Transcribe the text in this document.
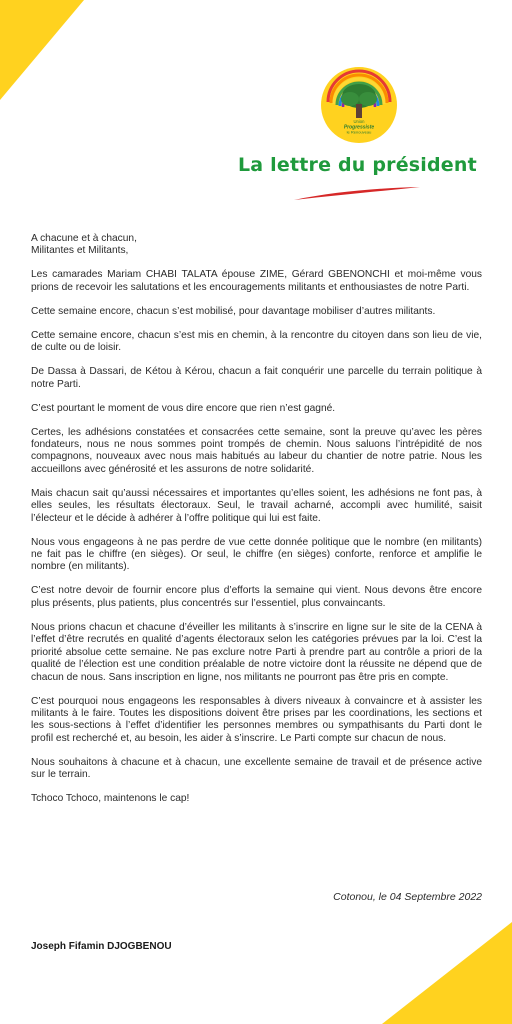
Union
Progressiste
le Renouveau
La lettre du président
A chacune et à chacun,
Militantes et Militants,

Les camarades Mariam CHABI TALATA épouse ZIME, Gérard GBENONCHI et moi-même vous prions de recevoir les salutations et les encouragements militants et enthousiastes de notre Parti.

Cette semaine encore, chacun s’est mobilisé, pour davantage mobiliser d’autres militants.

Cette semaine encore, chacun s’est mis en chemin, à la rencontre du citoyen dans son lieu de vie, de culte ou de loisir.

De Dassa à Dassari, de Kétou à Kérou, chacun a fait conquérir une parcelle du terrain politique à notre Parti.

C’est pourtant le moment de vous dire encore que rien n’est gagné.

Certes, les adhésions constatées et consacrées cette semaine, sont la preuve qu’avec les pères fondateurs, nous ne nous sommes point trompés de chemin. Nous saluons l’intrépidité de nos compagnons, nouveaux avec nous mais habitués au labeur du chantier de notre patrie. Nous les accueillons avec générosité et les assurons de notre solidarité.

Mais chacun sait qu’aussi nécessaires et importantes qu’elles soient, les adhésions ne font pas, à elles seules, les résultats électoraux. Seul, le travail acharné, accompli avec humilité, saisit l’électeur et le décide à adhérer à l’offre politique qui lui est faite.

Nous vous engageons à ne pas perdre de vue cette donnée politique que le nombre (en militants) ne fait pas le chiffre (en sièges). Or seul, le chiffre (en sièges) conforte, renforce et amplifie le nombre (en militants).

C’est notre devoir de fournir encore plus d’efforts la semaine qui vient. Nous devons être encore plus présents, plus patients, plus concentrés sur l’essentiel, plus convaincants.

Nous prions chacun et chacune d’éveiller les militants à s’inscrire en ligne sur le site de la CENA à l’effet d’être recrutés en qualité d’agents électoraux selon les catégories prévues par la loi. C’est la priorité absolue cette semaine. Ne pas exclure notre Parti à prendre part au contrôle a priori de la qualité de l’élection est une condition préalable de notre victoire dont la réussite ne dépend que de chacun de nous. Sans inscription en ligne, nos militants ne pourront pas être pris en compte.

C’est pourquoi nous engageons les responsables à divers niveaux à convaincre et à assister les militants à le faire. Toutes les dispositions doivent être prises par les coordinations, les sections et les sous-sections à l’effet d’identifier les personnes membres ou sympathisants du Parti dont le profil est recherché et, au besoin, les aider à s’inscrire. Le Parti compte sur chacun de nous.

Nous souhaitons à chacune et à chacun, une excellente semaine de travail et de présence active sur le terrain.

Tchoco Tchoco, maintenons le cap!

Cotonou, le 04 Septembre 2022
Joseph Fifamin DJOGBENOU
